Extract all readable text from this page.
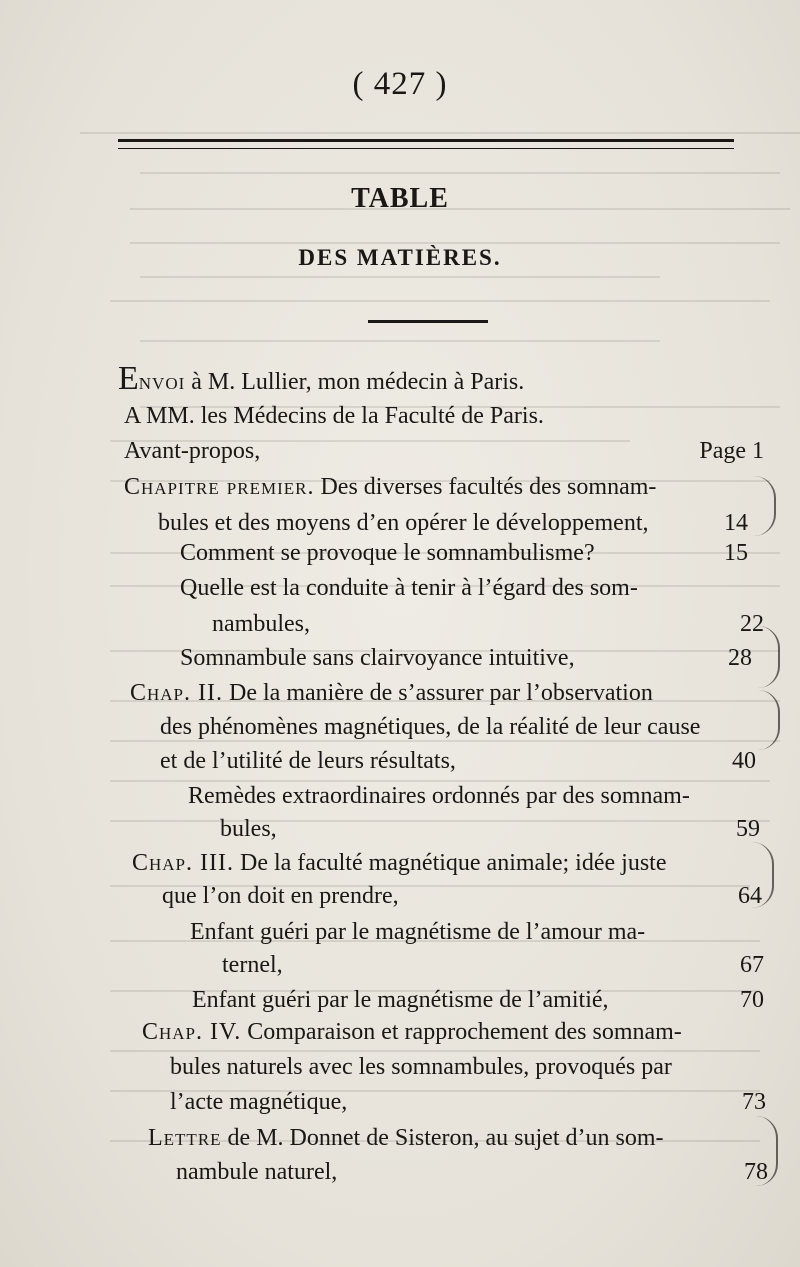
( 427 )
TABLE
DES MATIÈRES.
Envoi à M. Lullier, mon médecin à Paris.
A MM. les Médecins de la Faculté de Paris.
Avant-propos,	Page 1
Chapitre premier. Des diverses facultés des somnam-
bules et des moyens d’en opérer le développement,	14
Comment se provoque le somnambulisme?	15
Quelle est la conduite à tenir à l’égard des som-
nambules,	22
Somnambule sans clairvoyance intuitive,	28
Chap. II. De la manière de s’assurer par l’observation
des phénomènes magnétiques, de la réalité de leur cause
et de l’utilité de leurs résultats,	40
Remèdes extraordinaires ordonnés par des somnam-
bules,	59
Chap. III. De la faculté magnétique animale; idée juste
que l’on doit en prendre,	64
Enfant guéri par le magnétisme de l’amour ma-
ternel,	67
Enfant guéri par le magnétisme de l’amitié,	70
Chap. IV. Comparaison et rapprochement des somnam-
bules naturels avec les somnambules, provoqués par
l’acte magnétique,	73
Lettre de M. Donnet de Sisteron, au sujet d’un som-
nambule naturel,	78
